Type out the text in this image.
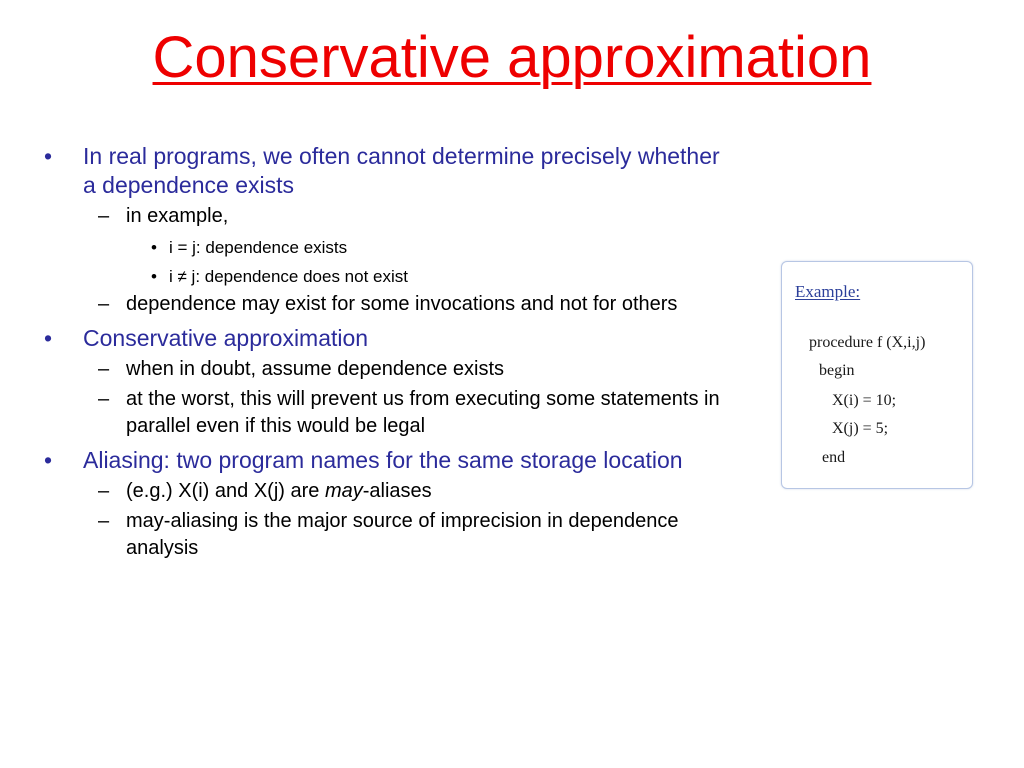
Conservative approximation
• In real programs, we often cannot determine precisely whether a dependence exists
– in example,
• i = j: dependence exists
• i ≠ j: dependence does not exist
– dependence may exist for some invocations and not for others
• Conservative approximation
– when in doubt, assume dependence exists
– at the worst, this will prevent us from executing some statements in parallel even if this would be legal
• Aliasing: two program names for the same storage location
– (e.g.) X(i) and X(j) are may-aliases
– may-aliasing is the major source of imprecision in dependence analysis
Example:
procedure f (X,i,j)
begin
X(i) = 10;
X(j) = 5;
end
